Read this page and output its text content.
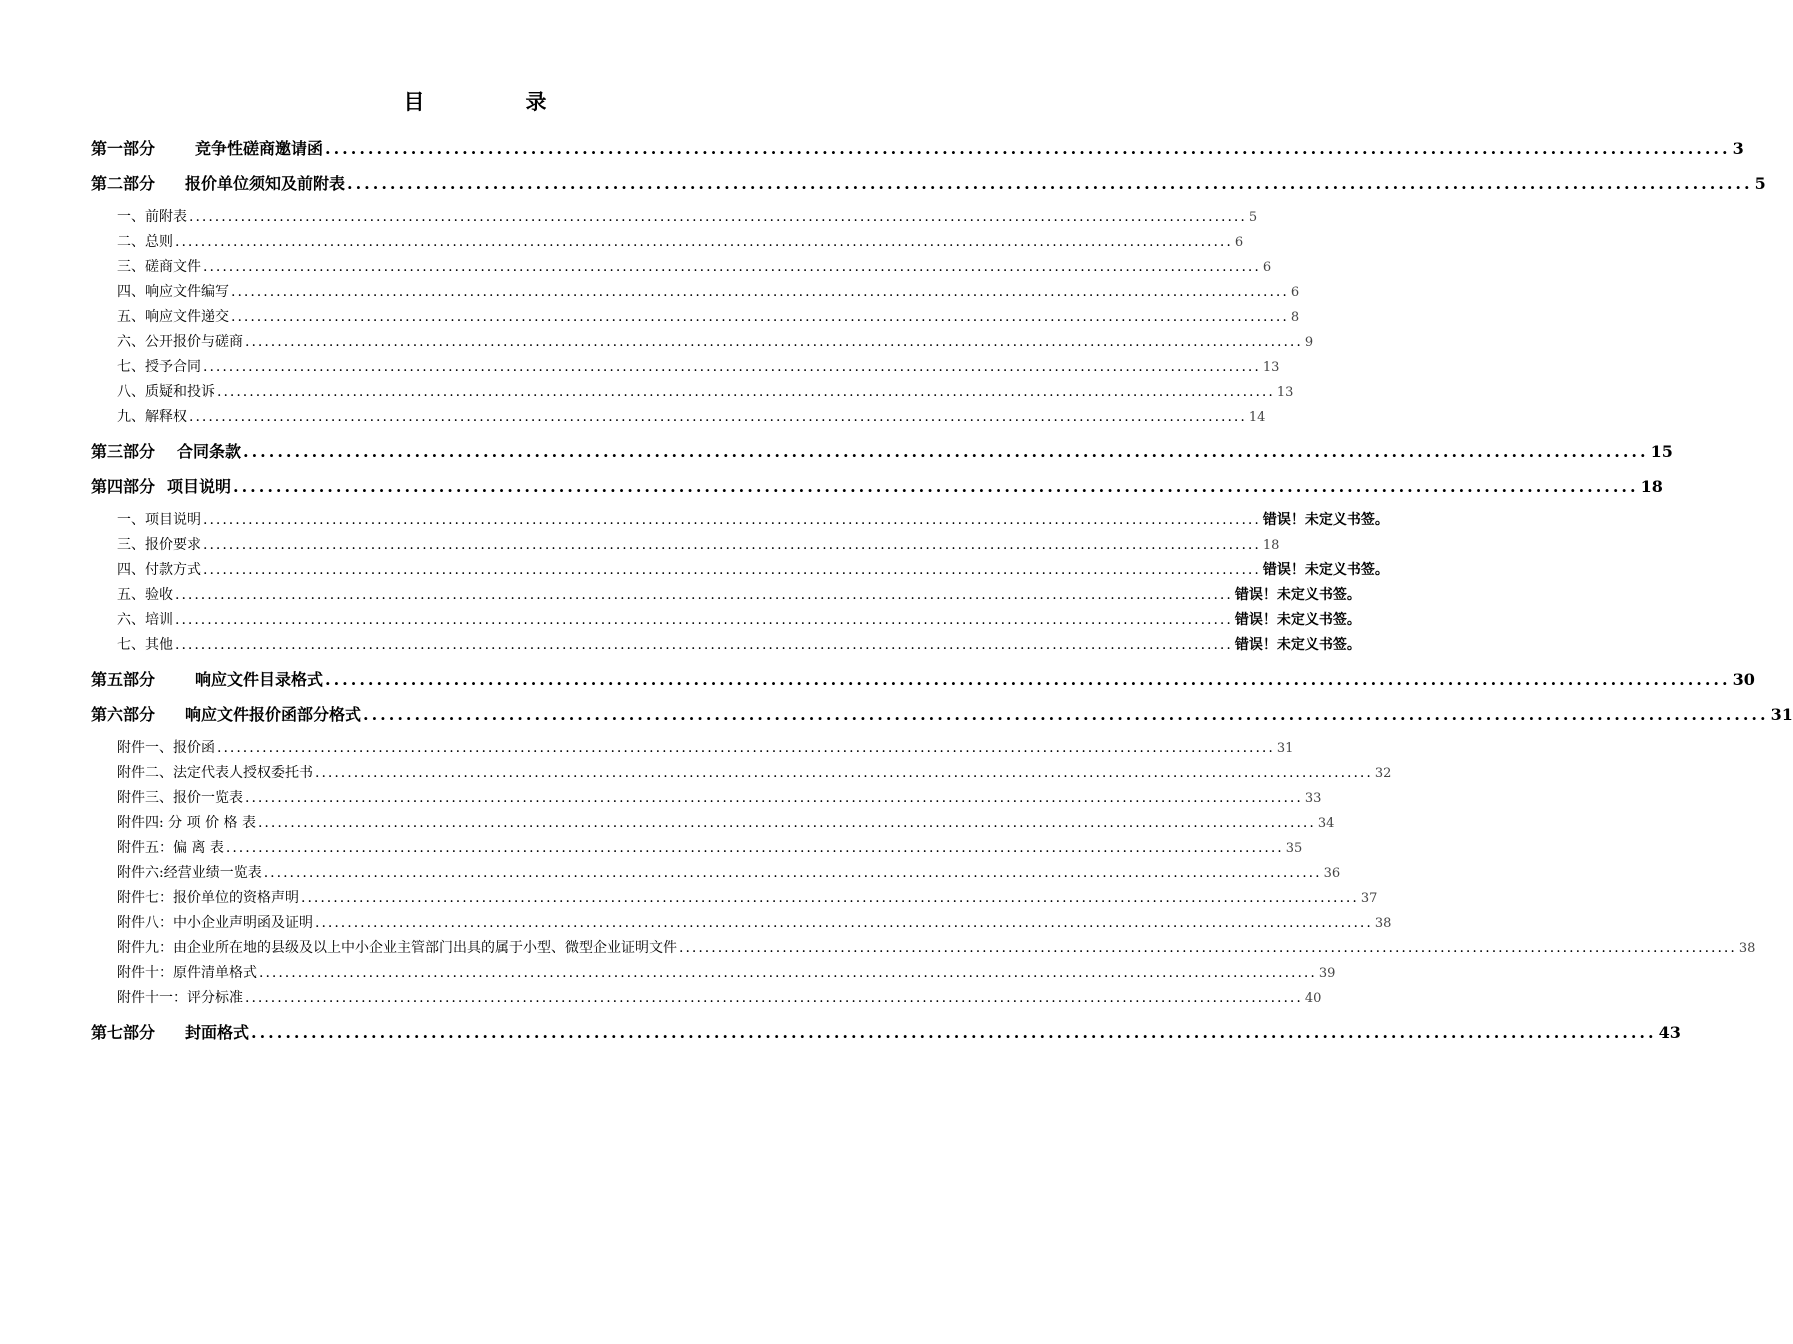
目　录
第一部分	竞争性磋商邀请函 .................................................................................................................................................................... 3
第二部分 报价单位须知及前附表 .................................................................................................................................................................... 5
一、前附表 .................................................................................................................................................................... 5
二、总则 .................................................................................................................................................................... 6
三、磋商文件 .................................................................................................................................................................... 6
四、响应文件编写 .................................................................................................................................................................... 6
五、响应文件递交 .................................................................................................................................................................... 8
六、公开报价与磋商 .................................................................................................................................................................... 9
七、授予合同 .................................................................................................................................................................... 13
八、质疑和投诉 .................................................................................................................................................................... 13
九、解释权 .................................................................................................................................................................... 14
第三部分 合同条款 .................................................................................................................................................................... 15
第四部分 项目说明 .................................................................................................................................................................... 18
一、项目说明 .................................................................................................................................................................... 错误！未定义书签。
三、报价要求 .................................................................................................................................................................... 18
四、付款方式 .................................................................................................................................................................... 错误！未定义书签。
五、验收 .................................................................................................................................................................... 错误！未定义书签。
六、培训 .................................................................................................................................................................... 错误！未定义书签。
七、其他 .................................................................................................................................................................... 错误！未定义书签。
第五部分	响应文件目录格式 .................................................................................................................................................................... 30
第六部分 响应文件报价函部分格式 .................................................................................................................................................................... 31
附件一、报价函 .................................................................................................................................................................... 31
附件二、法定代表人授权委托书 .................................................................................................................................................................... 32
附件三、报价一览表 .................................................................................................................................................................... 33
附件四: 分 项 价 格 表 .................................................................................................................................................................... 34
附件五：偏 离 表 .................................................................................................................................................................... 35
附件六:经营业绩一览表 .................................................................................................................................................................... 36
附件七：报价单位的资格声明 .................................................................................................................................................................... 37
附件八：中小企业声明函及证明 .................................................................................................................................................................... 38
附件九：由企业所在地的县级及以上中小企业主管部门出具的属于小型、微型企业证明文件 .................................................................................................................................................................... 38
附件十：原件清单格式 .................................................................................................................................................................... 39
附件十一：评分标准 .................................................................................................................................................................... 40
第七部分 封面格式 .................................................................................................................................................................... 43
